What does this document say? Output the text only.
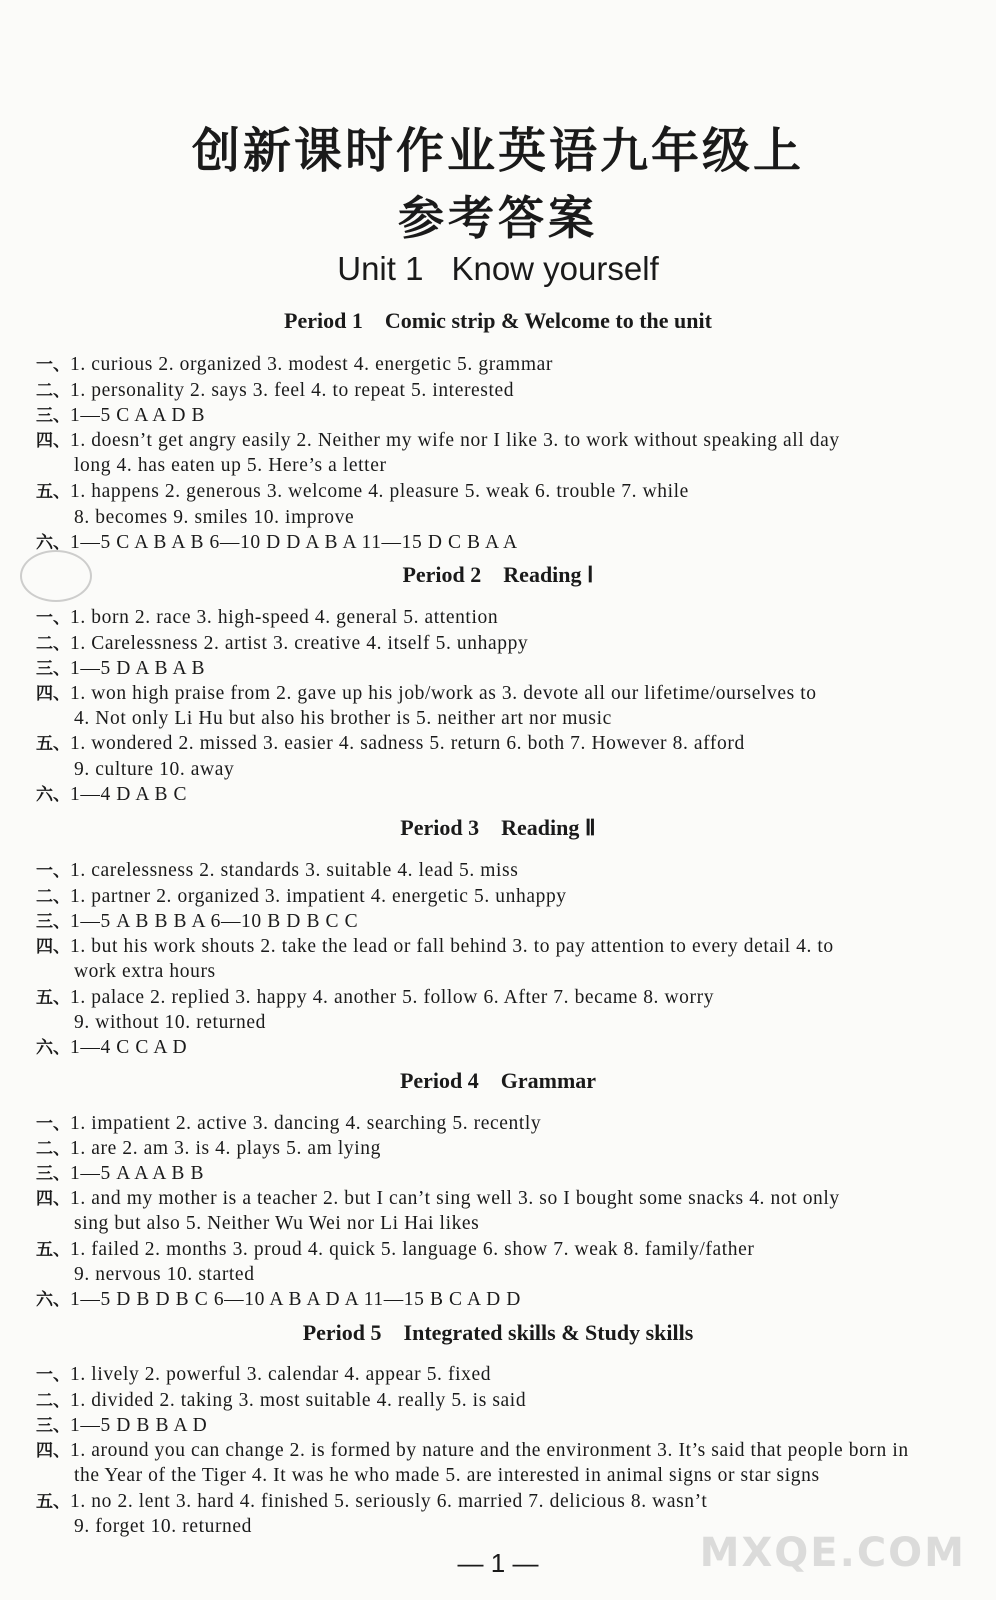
创新课时作业英语九年级上
参考答案
Unit 1 Know yourself
Period 1 Comic strip & Welcome to the unit
一、1. curious 2. organized 3. modest 4. energetic 5. grammar
二、1. personality 2. says 3. feel 4. to repeat 5. interested
三、1—5 C A A D B
四、1. doesn’t get angry easily 2. Neither my wife nor I like 3. to work without speaking all day
long 4. has eaten up 5. Here’s a letter
五、1. happens 2. generous 3. welcome 4. pleasure 5. weak 6. trouble 7. while
8. becomes 9. smiles 10. improve
六、1—5 C A B A B 6—10 D D A B A 11—15 D C B A A
Period 2 Reading Ⅰ
一、1. born 2. race 3. high-speed 4. general 5. attention
二、1. Carelessness 2. artist 3. creative 4. itself 5. unhappy
三、1—5 D A B A B
四、1. won high praise from 2. gave up his job/work as 3. devote all our lifetime/ourselves to
4. Not only Li Hu but also his brother is 5. neither art nor music
五、1. wondered 2. missed 3. easier 4. sadness 5. return 6. both 7. However 8. afford
9. culture 10. away
六、1—4 D A B C
Period 3 Reading Ⅱ
一、1. carelessness 2. standards 3. suitable 4. lead 5. miss
二、1. partner 2. organized 3. impatient 4. energetic 5. unhappy
三、1—5 A B B B A 6—10 B D B C C
四、1. but his work shouts 2. take the lead or fall behind 3. to pay attention to every detail 4. to
work extra hours
五、1. palace 2. replied 3. happy 4. another 5. follow 6. After 7. became 8. worry
9. without 10. returned
六、1—4 C C A D
Period 4 Grammar
一、1. impatient 2. active 3. dancing 4. searching 5. recently
二、1. are 2. am 3. is 4. plays 5. am lying
三、1—5 A A A B B
四、1. and my mother is a teacher 2. but I can’t sing well 3. so I bought some snacks 4. not only
sing but also 5. Neither Wu Wei nor Li Hai likes
五、1. failed 2. months 3. proud 4. quick 5. language 6. show 7. weak 8. family/father
9. nervous 10. started
六、1—5 D B D B C 6—10 A B A D A 11—15 B C A D D
Period 5 Integrated skills & Study skills
一、1. lively 2. powerful 3. calendar 4. appear 5. fixed
二、1. divided 2. taking 3. most suitable 4. really 5. is said
三、1—5 D B B A D
四、1. around you can change 2. is formed by nature and the environment 3. It’s said that people born in
the Year of the Tiger 4. It was he who made 5. are interested in animal signs or star signs
五、1. no 2. lent 3. hard 4. finished 5. seriously 6. married 7. delicious 8. wasn’t
9. forget 10. returned
— 1 —	MXQE.COM
